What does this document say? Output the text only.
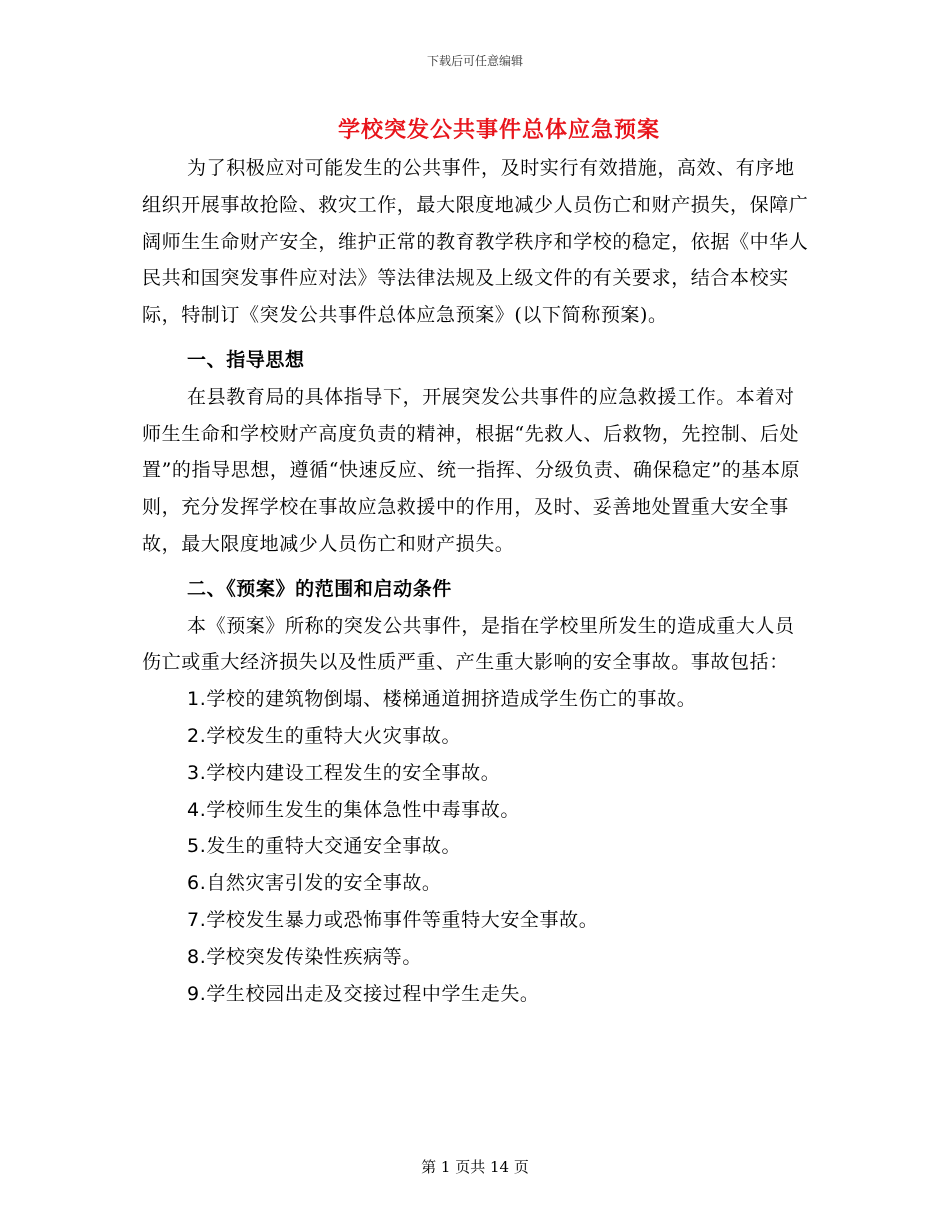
下载后可任意编辑
学校突发公共事件总体应急预案

为了积极应对可能发生的公共事件，及时实行有效措施，高效、有序地组织开展事故抢险、救灾工作，最大限度地减少人员伤亡和财产损失，保障广阔师生生命财产安全，维护正常的教育教学秩序和学校的稳定，依据《中华人民共和国突发事件应对法》等法律法规及上级文件的有关要求，结合本校实际，特制订《突发公共事件总体应急预案》(以下简称预案)。

一、指导思想

在县教育局的具体指导下，开展突发公共事件的应急救援工作。本着对师生生命和学校财产高度负责的精神，根据“先救人、后救物，先控制、后处置”的指导思想，遵循“快速反应、统一指挥、分级负责、确保稳定”的基本原则，充分发挥学校在事故应急救援中的作用，及时、妥善地处置重大安全事故，最大限度地减少人员伤亡和财产损失。

二、《预案》的范围和启动条件

本《预案》所称的突发公共事件，是指在学校里所发生的造成重大人员伤亡或重大经济损失以及性质严重、产生重大影响的安全事故。事故包括：

1.学校的建筑物倒塌、楼梯通道拥挤造成学生伤亡的事故。

2.学校发生的重特大火灾事故。

3.学校内建设工程发生的安全事故。

4.学校师生发生的集体急性中毒事故。

5.发生的重特大交通安全事故。

6.自然灾害引发的安全事故。

7.学校发生暴力或恐怖事件等重特大安全事故。

8.学校突发传染性疾病等。

9.学生校园出走及交接过程中学生走失。

第 1 页共 14 页
